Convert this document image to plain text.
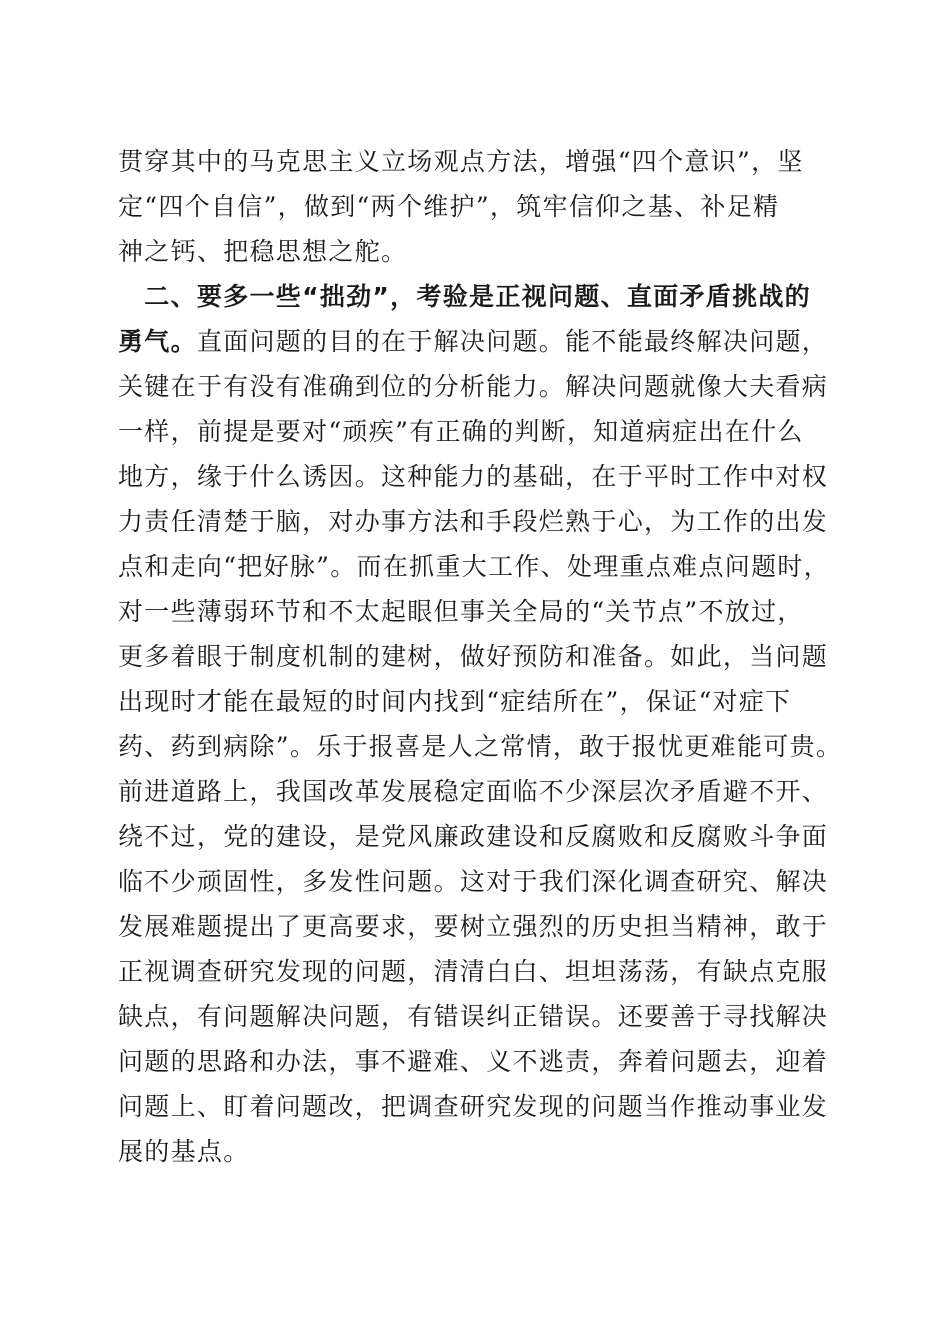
贯穿其中的马克思主义立场观点方法，增强“四个意识”，坚
定“四个自信”，做到“两个维护”，筑牢信仰之基、补足精
神之钙、把稳思想之舵。
　二、要多一些“拙劲”，考验是正视问题、直面矛盾挑战的
勇气。直面问题的目的在于解决问题。能不能最终解决问题，
关键在于有没有准确到位的分析能力。解决问题就像大夫看病
一样，前提是要对“顽疾”有正确的判断，知道病症出在什么
地方，缘于什么诱因。这种能力的基础，在于平时工作中对权
力责任清楚于脑，对办事方法和手段烂熟于心，为工作的出发
点和走向“把好脉”。而在抓重大工作、处理重点难点问题时，
对一些薄弱环节和不太起眼但事关全局的“关节点”不放过，
更多着眼于制度机制的建树，做好预防和准备。如此，当问题
出现时才能在最短的时间内找到“症结所在”，保证“对症下
药、药到病除”。乐于报喜是人之常情，敢于报忧更难能可贵。
前进道路上，我国改革发展稳定面临不少深层次矛盾避不开、
绕不过，党的建设，是党风廉政建设和反腐败和反腐败斗争面
临不少顽固性，多发性问题。这对于我们深化调查研究、解决
发展难题提出了更高要求，要树立强烈的历史担当精神，敢于
正视调查研究发现的问题，清清白白、坦坦荡荡，有缺点克服
缺点，有问题解决问题，有错误纠正错误。还要善于寻找解决
问题的思路和办法，事不避难、义不逃责，奔着问题去，迎着
问题上、盯着问题改，把调查研究发现的问题当作推动事业发
展的基点。
